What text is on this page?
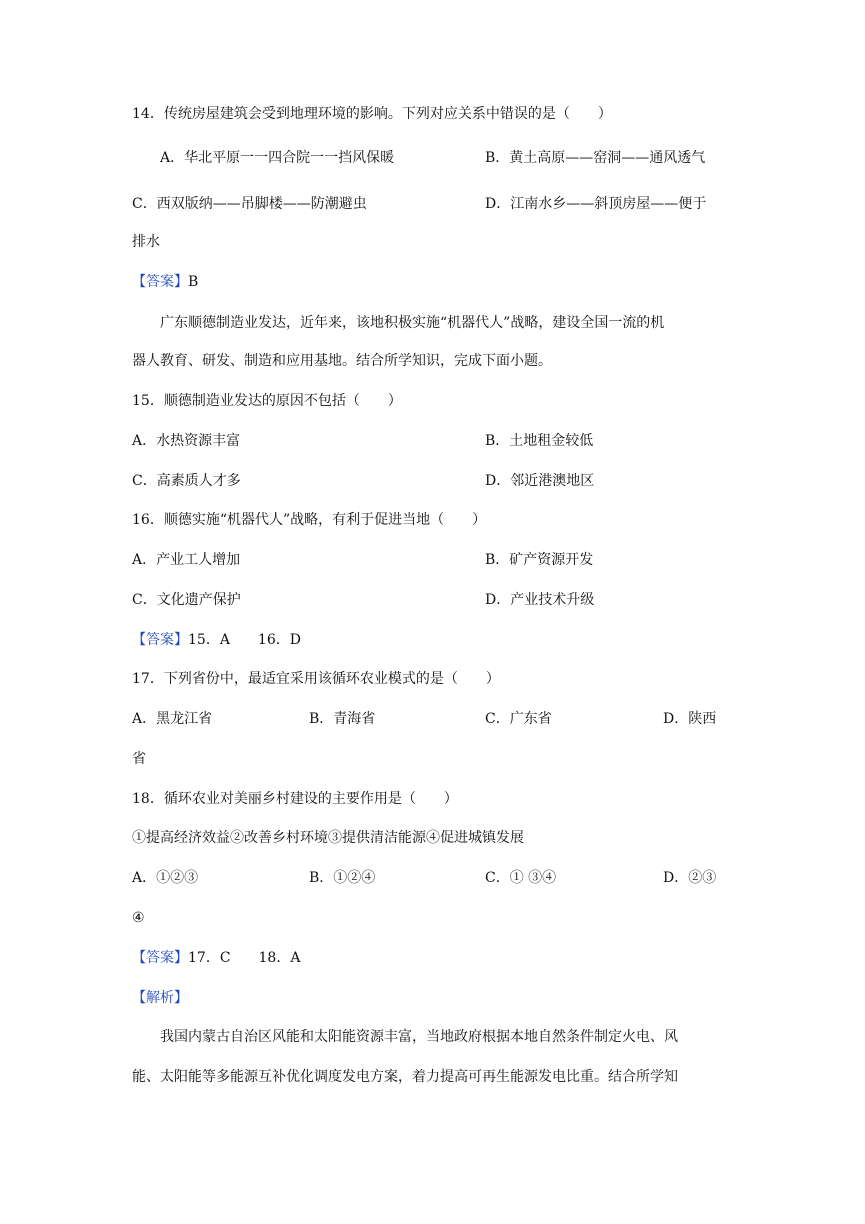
14．传统房屋建筑会受到地理环境的影响。下列对应关系中错误的是（　　）
A．华北平原一一四合院一一挡风保暖	B．黄土高原——窑洞——通风透气
C．西双版纳——吊脚楼——防潮避虫	D．江南水乡——斜顶房屋——便于
排水
【答案】B
广东顺德制造业发达，近年来，该地积极实施“机器代人”战略，建设全国一流的机
器人教育、研发、制造和应用基地。结合所学知识，完成下面小题。
15．顺德制造业发达的原因不包括（　　）
A．水热资源丰富	B．土地租金较低
C．高素质人才多	D．邻近港澳地区
16．顺德实施“机器代人”战略，有利于促进当地（　　）
A．产业工人增加	B．矿产资源开发
C．文化遗产保护	D．产业技术升级
【答案】15．A　　16．D
17．下列省份中，最适宜采用该循环农业模式的是（　　）
A．黑龙江省	B．青海省	C．广东省	D．陕西
省
18．循环农业对美丽乡村建设的主要作用是（　　）
①提高经济效益②改善乡村环境③提供清洁能源④促进城镇发展
A．①②③	B．①②④	C．① ③④	D．②③
④
【答案】17．C　　18．A
【解析】
我国内蒙古自治区风能和太阳能资源丰富，当地政府根据本地自然条件制定火电、风
能、太阳能等多能源互补优化调度发电方案，着力提高可再生能源发电比重。结合所学知
